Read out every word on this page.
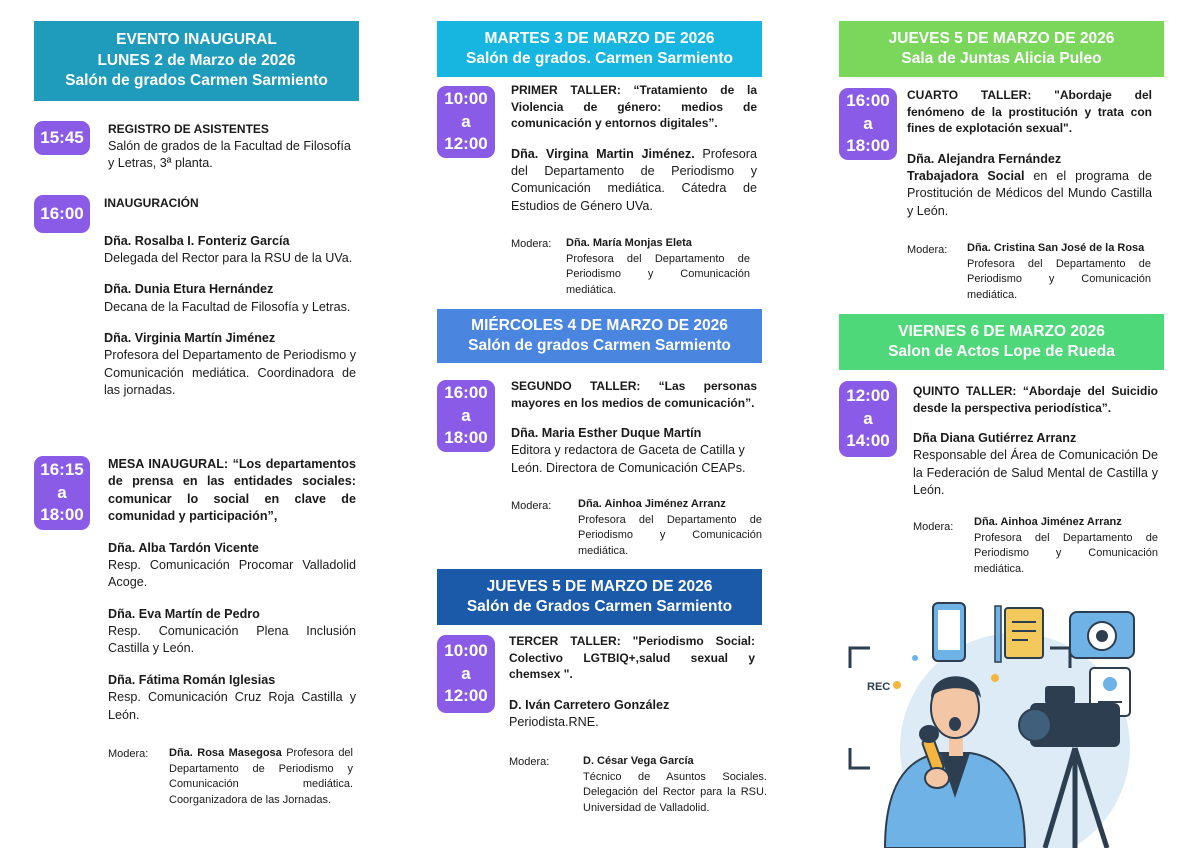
EVENTO INAUGURAL
LUNES 2 de Marzo de 2026
Salón de grados Carmen Sarmiento
15:45 REGISTRO DE ASISTENTES
Salón de grados de la Facultad de Filosofía y Letras, 3ª planta.
16:00
INAUGURACIÓN

Dña. Rosalba I. Fonteriz García
Delegada del Rector para la RSU de la UVa.

Dña. Dunia Etura Hernández
Decana de la Facultad de Filosofía y Letras.

Dña. Virginia Martín Jiménez
Profesora del Departamento de Periodismo y Comunicación mediática. Coordinadora de las jornadas.

16:15
a
18:00

MESA INAUGURAL: “Los departamentos de prensa en las entidades sociales: comunicar lo social en clave de comunidad y participación”,

Dña. Alba Tardón Vicente
Resp. Comunicación Procomar Valladolid Acoge.

Dña. Eva Martín de Pedro
Resp. Comunicación Plena Inclusión Castilla y León.

Dña. Fátima Román Iglesias
Resp. Comunicación Cruz Roja Castilla y León.

Modera: Dña. Rosa Masegosa Profesora del Departamento de Periodismo y Comunicación mediática. Coorganizadora de las Jornadas.
MARTES 3 DE MARZO DE 2026
Salón de grados. Carmen Sarmiento
10:00
a
12:00

PRIMER TALLER: “Tratamiento de la Violencia de género: medios de comunicación y entornos digitales”.

Dña. Virgina Martin Jiménez. Profesora del Departamento de Periodismo y Comunicación mediática. Cátedra de Estudios de Género UVa.

Modera: Dña. María Monjas Eleta
Profesora del Departamento de Periodismo y Comunicación mediática.
MIÉRCOLES 4 DE MARZO DE 2026
Salón de grados Carmen Sarmiento
16:00
a
18:00

SEGUNDO TALLER: “Las personas mayores en los medios de comunicación”.

Dña. Maria Esther Duque Martín
Editora y redactora de Gaceta de Catilla y León. Directora de Comunicación CEAPs.

Modera: Dña. Ainhoa Jiménez Arranz
Profesora del Departamento de Periodismo y Comunicación mediática.
JUEVES 5 DE MARZO DE 2026
Salón de Grados Carmen Sarmiento
10:00
a
12:00

TERCER TALLER: "Periodismo Social: Colectivo LGTBIQ+,salud sexual y chemsex ".

D. Iván Carretero González
Periodista.RNE.

Modera:	D. César Vega García
Técnico de Asuntos Sociales. Delegación del Rector para la RSU. Universidad de Valladolid.
JUEVES 5 DE MARZO DE 2026
Sala de Juntas Alicia Puleo
16:00
a
18:00

CUARTO TALLER: "Abordaje del fenómeno de la prostitución y trata con fines de explotación sexual".

Dña. Alejandra Fernández
Trabajadora Social en el programa de Prostitución de Médicos del Mundo Castilla y León.

Modera: Dña. Cristina San José de la Rosa
Profesora del Departamento de Periodismo y Comunicación mediática.
VIERNES 6 DE MARZO 2026
Salon de Actos Lope de Rueda
12:00
a
14:00

QUINTO TALLER: “Abordaje del Suicidio desde la perspectiva periodística”.

Dña Diana Gutiérrez Arranz
Responsable del Área de Comunicación De la Federación de Salud Mental de Castilla y León.

Modera: Dña. Ainhoa Jiménez Arranz
Profesora del Departamento de Periodismo y Comunicación mediática.
REC
